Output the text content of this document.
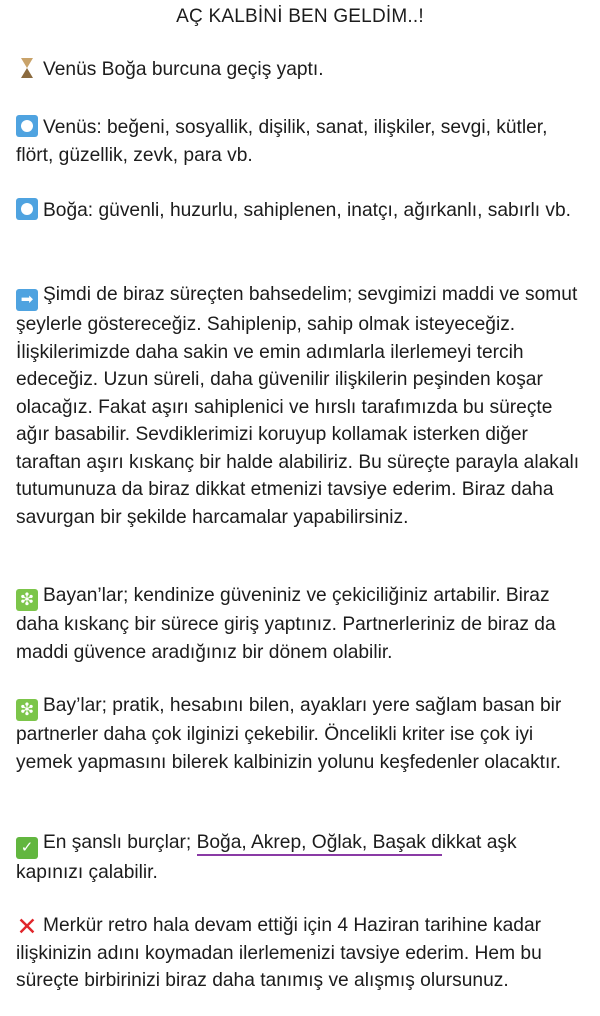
AÇ KALBİNİ BEN GELDİM..!

Venüs Boğa burcuna geçiş yaptı.

Venüs: beğeni, sosyallik, dişilik, sanat, ilişkiler, sevgi, kütler, flört, güzellik, zevk, para vb.

Boğa: güvenli, huzurlu, sahiplenen, inatçı, ağırkanlı, sabırlı vb.

➡ Şimdi de biraz süreçten bahsedelim; sevgimizi maddi ve somut şeylerle göstereceğiz. Sahiplenip, sahip olmak isteyeceğiz. İlişkilerimizde daha sakin ve emin adımlarla ilerlemeyi tercih edeceğiz. Uzun süreli, daha güvenilir ilişkilerin peşinden koşar olacağız. Fakat aşırı sahiplenici ve hırslı tarafımızda bu süreçte ağır basabilir. Sevdiklerimizi koruyup kollamak isterken diğer taraftan aşırı kıskanç bir halde alabiliriz. Bu süreçte parayla alakalı tutumunuza da biraz dikkat etmenizi tavsiye ederim. Biraz daha savurgan bir şekilde harcamalar yapabilirsiniz.

❇ Bayan’lar; kendinize güveniniz ve çekiciliğiniz artabilir. Biraz daha kıskanç bir sürece giriş yaptınız. Partnerleriniz de biraz da maddi güvence aradığınız bir dönem olabilir.

❇ Bay’lar; pratik, hesabını bilen, ayakları yere sağlam basan bir partnerler daha çok ilginizi çekebilir. Öncelikli kriter ise çok iyi yemek yapmasını bilerek kalbinizin yolunu keşfedenler olacaktır.

✓ En şanslı burçlar; Boğa, Akrep, Oğlak, Başak dikkat aşk kapınızı çalabilir.

✕ Merkür retro hala devam ettiği için 4 Haziran tarihine kadar ilişkinizin adını koymadan ilerlemenizi tavsiye ederim. Hem bu süreçte birbirinizi biraz daha tanımış ve alışmış olursunuz.
